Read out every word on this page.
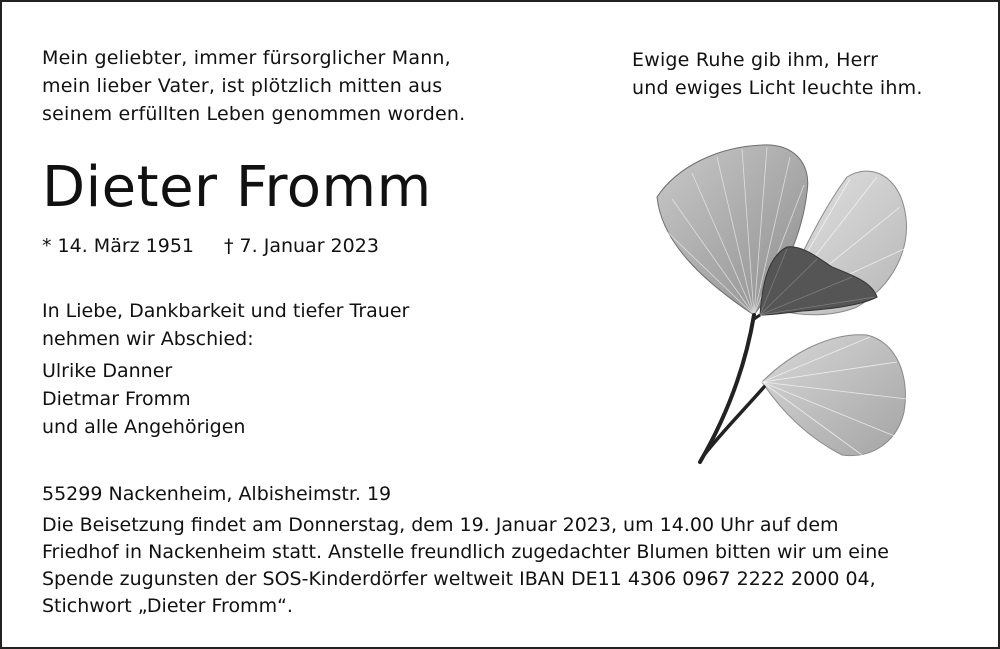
Mein geliebter, immer fürsorglicher Mann,
mein lieber Vater, ist plötzlich mitten aus
seinem erfüllten Leben genommen worden.
Ewige Ruhe gib ihm, Herr
und ewiges Licht leuchte ihm.
Dieter Fromm
* 14. März 1951 † 7. Januar 2023
In Liebe, Dankbarkeit und tiefer Trauer
nehmen wir Abschied:
Ulrike Danner
Dietmar Fromm
und alle Angehörigen
55299 Nackenheim, Albisheimstr. 19
Die Beisetzung findet am Donnerstag, dem 19. Januar 2023, um 14.00 Uhr auf dem
Friedhof in Nackenheim statt. Anstelle freundlich zugedachter Blumen bitten wir um eine
Spende zugunsten der SOS-Kinderdörfer weltweit IBAN DE11 4306 0967 2222 2000 04,
Stichwort „Dieter Fromm“.
